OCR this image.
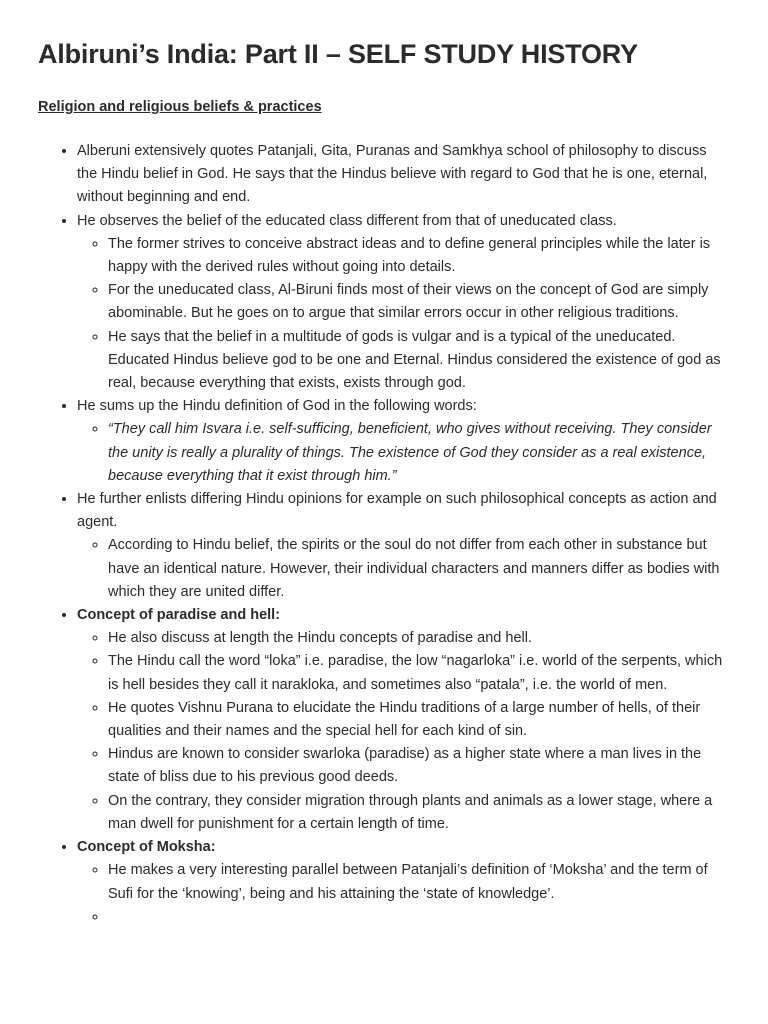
Albiruni’s India: Part II – SELF STUDY HISTORY
Religion and religious beliefs & practices
• Alberuni extensively quotes Patanjali, Gita, Puranas and Samkhya school of philosophy to discuss the Hindu belief in God. He says that the Hindus believe with regard to God that he is one, eternal, without beginning and end.
• He observes the belief of the educated class different from that of uneducated class.
◦ The former strives to conceive abstract ideas and to define general principles while the later is happy with the derived rules without going into details.
◦ For the uneducated class, Al-Biruni finds most of their views on the concept of God are simply abominable. But he goes on to argue that similar errors occur in other religious traditions.
◦ He says that the belief in a multitude of gods is vulgar and is a typical of the uneducated. Educated Hindus believe god to be one and Eternal. Hindus considered the existence of god as real, because everything that exists, exists through god.
• He sums up the Hindu definition of God in the following words:
◦ “They call him Isvara i.e. self-sufficing, beneficient, who gives without receiving. They consider the unity is really a plurality of things. The existence of God they consider as a real existence, because everything that it exist through him.”
• He further enlists differing Hindu opinions for example on such philosophical concepts as action and agent.
◦ According to Hindu belief, the spirits or the soul do not differ from each other in substance but have an identical nature. However, their individual characters and manners differ as bodies with which they are united differ.
• Concept of paradise and hell:
◦ He also discuss at length the Hindu concepts of paradise and hell.
◦ The Hindu call the word “loka” i.e. paradise, the low “nagarloka” i.e. world of the serpents, which is hell besides they call it narakloka, and sometimes also “patala”, i.e. the world of men.
◦ He quotes Vishnu Purana to elucidate the Hindu traditions of a large number of hells, of their qualities and their names and the special hell for each kind of sin.
◦ Hindus are known to consider swarloka (paradise) as a higher state where a man lives in the state of bliss due to his previous good deeds.
◦ On the contrary, they consider migration through plants and animals as a lower stage, where a man dwell for punishment for a certain length of time.
• Concept of Moksha:
◦ He makes a very interesting parallel between Patanjali’s definition of ‘Moksha’ and the term of Sufi for the ‘knowing’, being and his attaining the ‘state of knowledge’.
◦
